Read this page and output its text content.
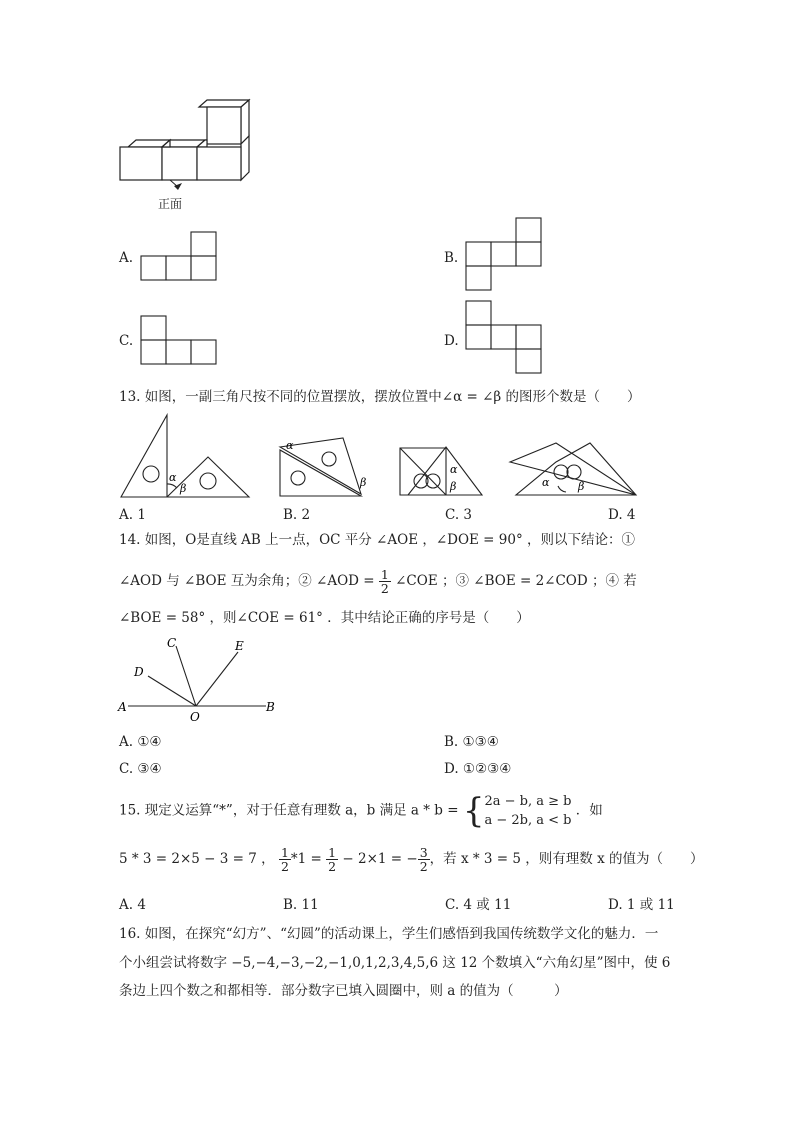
正面
A.	B.
C.	D.
13. 如图，一副三角尺按不同的位置摆放，摆放位置中∠α = ∠β 的图形个数是（　　）
α
β
α
β
α
β	α	β
A. 1	B. 2	C. 3	D. 4
14. 如图，O是直线 AB 上一点，OC 平分 ∠AOE ，∠DOE = 90° ，则以下结论：①
∠AOD 与 ∠BOE 互为余角；② ∠AOD = $\frac{1}{2}$ ∠COE ；③ ∠BOE = 2∠COD ；④ 若
∠BOE = 58° ，则∠COE = 61° ．其中结论正确的序号是（　　）
A	B
C
D
E
O
A. ①④	B. ①③④
C. ③④	D. ①②③④
15. 现定义运算“*”，对于任意有理数 a，b 满足 a * b = { 2a − b, a ≥ b
a − 2b, a < b
．如
5 * 3 = 2×5 − 3 = 7 ， $\frac{1}{2} *1 = \frac{1}{2} - 2\times 1$ = − $\frac{3}{2}$ ，若 x * 3 = 5 ，则有理数 x 的值为（　　）
A. 4	B. 11	C. 4 或 11	D. 1 或 11
16. 如图，在探究“幻方”、“幻圆”的活动课上，学生们感悟到我国传统数学文化的魅力．一
个小组尝试将数字 −5,−4,−3,−2,−1,0,1,2,3,4,5,6 这 12 个数填入“六角幻星”图中，使 6
条边上四个数之和都相等．部分数字已填入圆圈中，则 a 的值为（　　　）
